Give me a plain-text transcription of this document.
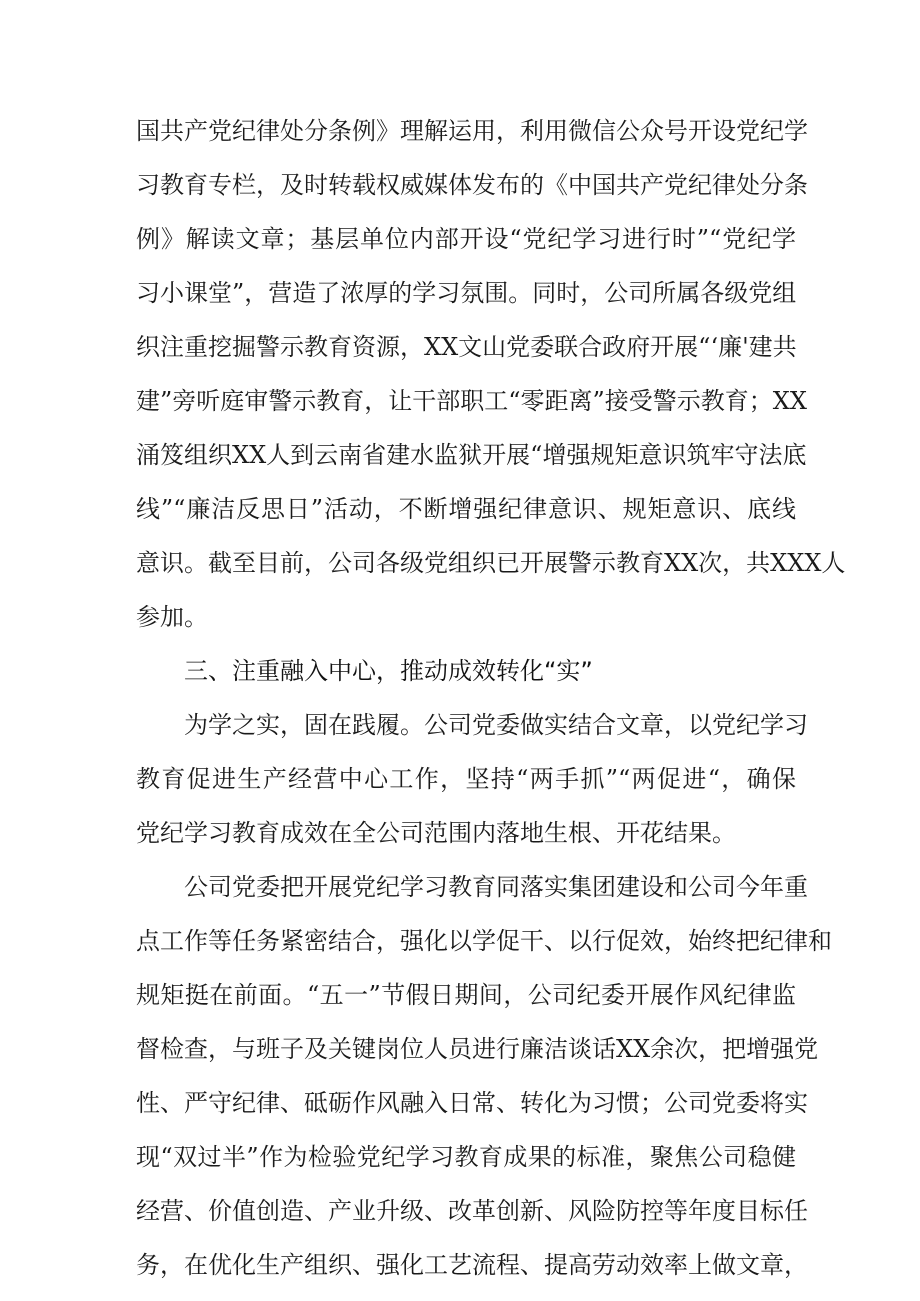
国共产党纪律处分条例》理解运用，利用微信公众号开设党纪学
习教育专栏，及时转载权威媒体发布的《中国共产党纪律处分条
例》解读文章；基层单位内部开设“党纪学习进行时”“党纪学
习小课堂”，营造了浓厚的学习氛围。同时，公司所属各级党组
织注重挖掘警示教育资源，XX文山党委联合政府开展“‘廉'建共
建”旁听庭审警示教育，让干部职工“零距离”接受警示教育；XX
涌笈组织XX人到云南省建水监狱开展“增强规矩意识筑牢守法底
线”“廉洁反思日”活动，不断增强纪律意识、规矩意识、底线
意识。截至目前，公司各级党组织已开展警示教育XX次，共XXX人
参加。
三、注重融入中心，推动成效转化“实”
为学之实，固在践履。公司党委做实结合文章，以党纪学习
教育促进生产经营中心工作，坚持“两手抓”“两促进“，确保
党纪学习教育成效在全公司范围内落地生根、开花结果。
公司党委把开展党纪学习教育同落实集团建设和公司今年重
点工作等任务紧密结合，强化以学促干、以行促效，始终把纪律和
规矩挺在前面。“五一”节假日期间，公司纪委开展作风纪律监
督检查，与班子及关键岗位人员进行廉洁谈话XX余次，把增强党
性、严守纪律、砥砺作风融入日常、转化为习惯；公司党委将实
现“双过半”作为检验党纪学习教育成果的标准，聚焦公司稳健
经营、价值创造、产业升级、改革创新、风险防控等年度目标任
务，在优化生产组织、强化工艺流程、提高劳动效率上做文章，
